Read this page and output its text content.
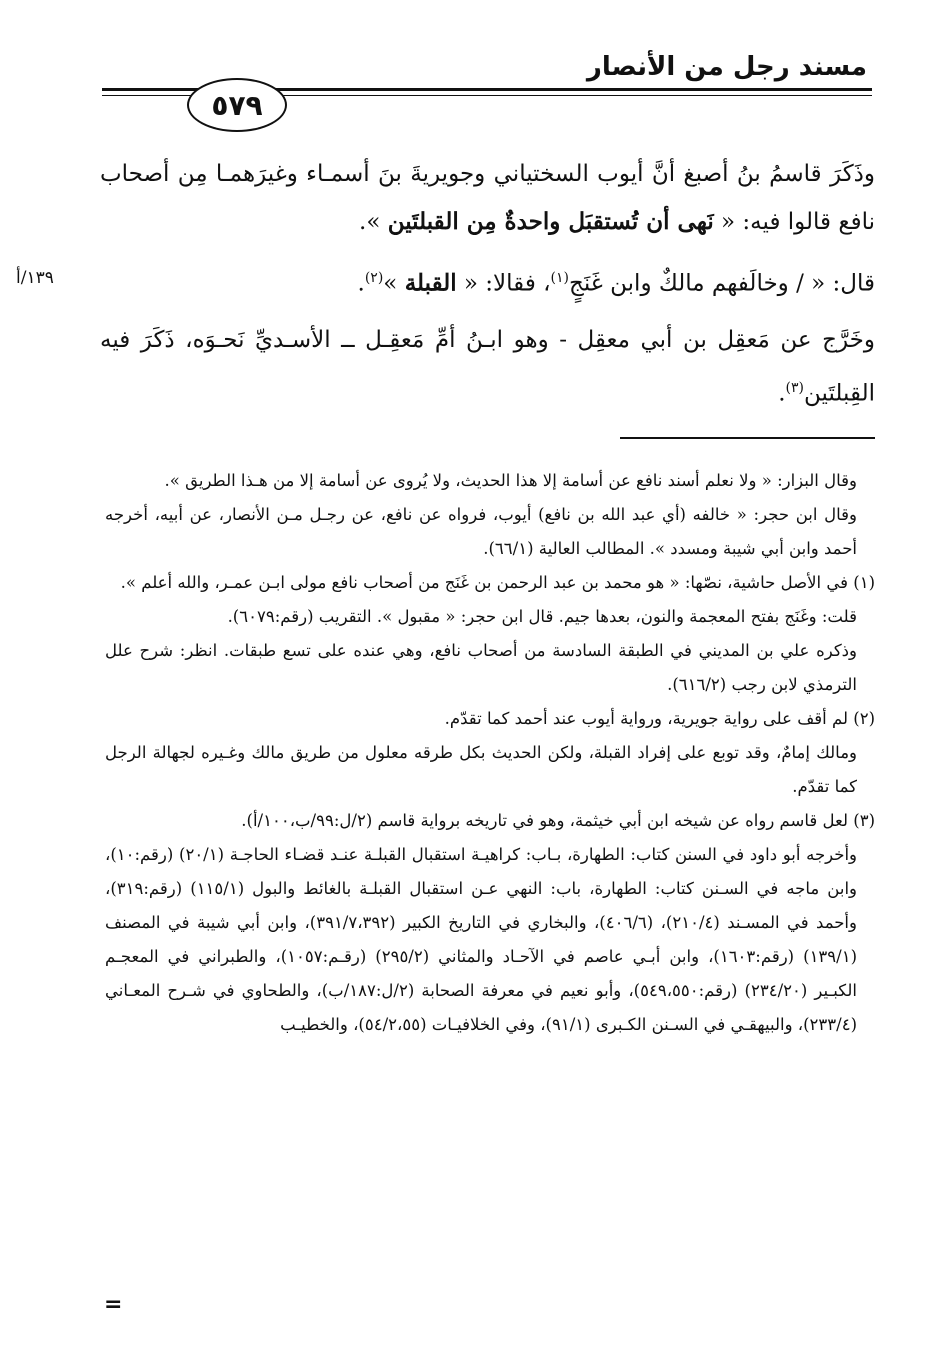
مسند رجل من الأنصار
٥٧٩
١٣٩/أ

وذَكَرَ قاسمُ بنُ أصبغ أنَّ أيوب السختياني وجويريةَ بنَ أسمـاء وغيرَهمـا مِن أصحاب نافع قالوا فيه: « نَهى أن تُستقبَل واحدةٌ مِن القبلتَين ».

قال: « / وخالَفهم مالكٌ وابن غَنَجٍ$^{(١)}$، فقالا: « القبلة »$^{(٢)}$.

وخَرَّج عن مَعقِل بن أبي معقِل - وهو ابـنُ أمِّ مَعقِـل ــ الأسـديِّ نَحـوَه، ذَكَرَ فيه القِبلتَين$^{(٣)}$.

وقال البزار: « ولا نعلم أسند نافع عن أسامة إلا هذا الحديث، ولا يُروى عن أسامة إلا من هـذا الطريق ».

وقال ابن حجر: « خالفه (أي عبد الله بن نافع) أيوب، فرواه عن نافع، عن رجـل مـن الأنصار، عن أبيه، أخرجه أحمد وابن أبي شيبة ومسدد ». المطالب العالية (٦٦/١).

(١) في الأصل حاشية، نصّها: « هو محمد بن عبد الرحمن بن غَنَج من أصحاب نافع مولى ابـن عمـر، والله أعلم ».

قلت: وغَنَج بفتح المعجمة والنون، بعدها جيم. قال ابن حجر: « مقبول ». التقريب (رقم:٦٠٧٩).

وذكره علي بن المديني في الطبقة السادسة من أصحاب نافع، وهي عنده على تسع طبقات. انظر: شرح علل الترمذي لابن رجب (٦١٦/٢).

(٢) لم أقف على رواية جويرية، ورواية أيوب عند أحمد كما تقدّم.

ومالك إمامٌ، وقد توبع على إفراد القبلة، ولكن الحديث بكل طرقه معلول من طريق مالك وغـيره لجهالة الرجل كما تقدّم.

(٣) لعل قاسم رواه عن شيخه ابن أبي خيثمة، وهو في تاريخه برواية قاسم (٢/ل:٩٩/ب،١٠٠/أ).

وأخرجه أبو داود في السنن كتاب: الطهارة، بـاب: كراهيـة استقبال القبلـة عنـد قضـاء الحاجـة (٢٠/١) (رقم:١٠)، وابن ماجه في السـنن كتاب: الطهارة، باب: النهي عـن استقبال القبلـة بالغائط والبول (١١٥/١) (رقم:٣١٩)، وأحمد في المسـند (٢١٠/٤)، (٤٠٦/٦)، والبخاري في التاريخ الكبير (٣٩١/٧،٣٩٢)، وابن أبي شيبة في المصنف (١٣٩/١) (رقم:١٦٠٣)، وابن أبـي عاصم في الآحـاد والمثاني (٢٩٥/٢) (رقـم:١٠٥٧)، والطبراني في المعجـم الكبـير (٢٣٤/٢٠) (رقم:٥٤٩،٥٥٠)، وأبو نعيم في معرفة الصحابة (٢/ل:١٨٧/ب)، والطحاوي في شـرح المعـاني (٢٣٣/٤)، والبيهقـي في السـنن الكـبرى (٩١/١)، وفي الخلافيـات (٥٤/٢،٥٥)، والخطيـب

=
